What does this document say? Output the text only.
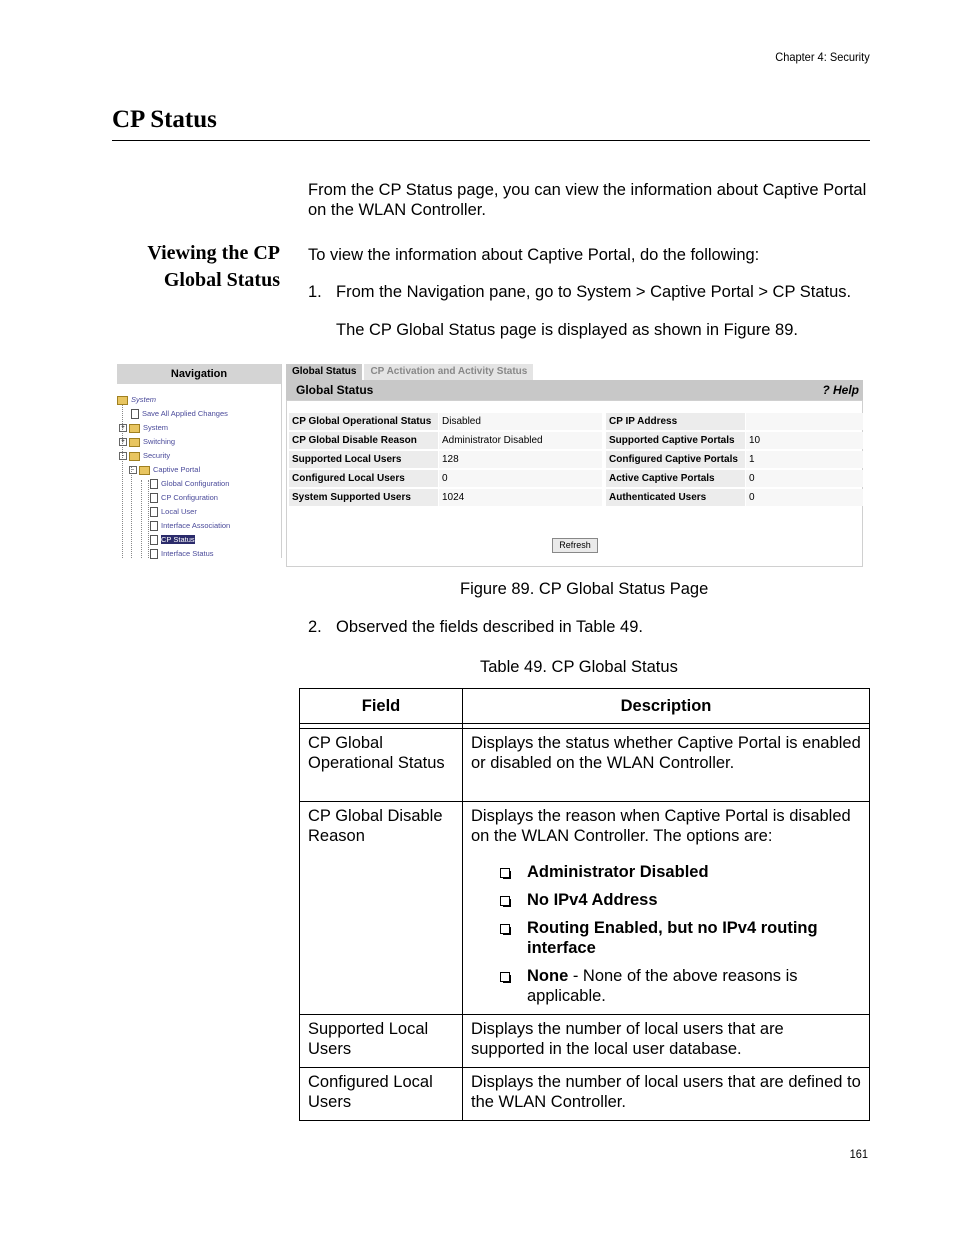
Chapter 4: Security
CP Status
From the CP Status page, you can view the information about Captive Portal on the WLAN Controller.
Viewing the CP
Global Status
To view the information about Captive Portal, do the following:
1. From the Navigation pane, go to System > Captive Portal > CP Status.
The CP Global Status page is displayed as shown in Figure 89.
Navigation
System
Save All Applied Changes
+ System
+ Switching
-	Security
-	Captive Portal
Global Configuration
CP Configuration
Local User
Interface Association
CP Status
Interface Status
Global Status CP Activation and Activity Status
Global Status	? Help
CP Global Operational Status	Disabled	CP IP Address
CP Global Disable Reason	Administrator Disabled	Supported Captive Portals	10
Supported Local Users	128	Configured Captive Portals	1
Configured Local Users	0	Active Captive Portals	0
System Supported Users	1024	Authenticated Users	0
Refresh
Figure 89. CP Global Status Page
2. Observed the fields described in Table 49.
Table 49. CP Global Status
Field	Description

CP Global Operational Status	Displays the status whether Captive Portal is enabled or disabled on the WLAN Controller.
CP Global Disable Reason	Displays the reason when Captive Portal is disabled on the WLAN Controller. The options are:
Administrator Disabled
No IPv4 Address
Routing Enabled, but no IPv4 routing interface
None - None of the above reasons is applicable.

Supported Local Users	Displays the number of local users that are supported in the local user database.
Configured Local Users	Displays the number of local users that are defined to the WLAN Controller.
161
